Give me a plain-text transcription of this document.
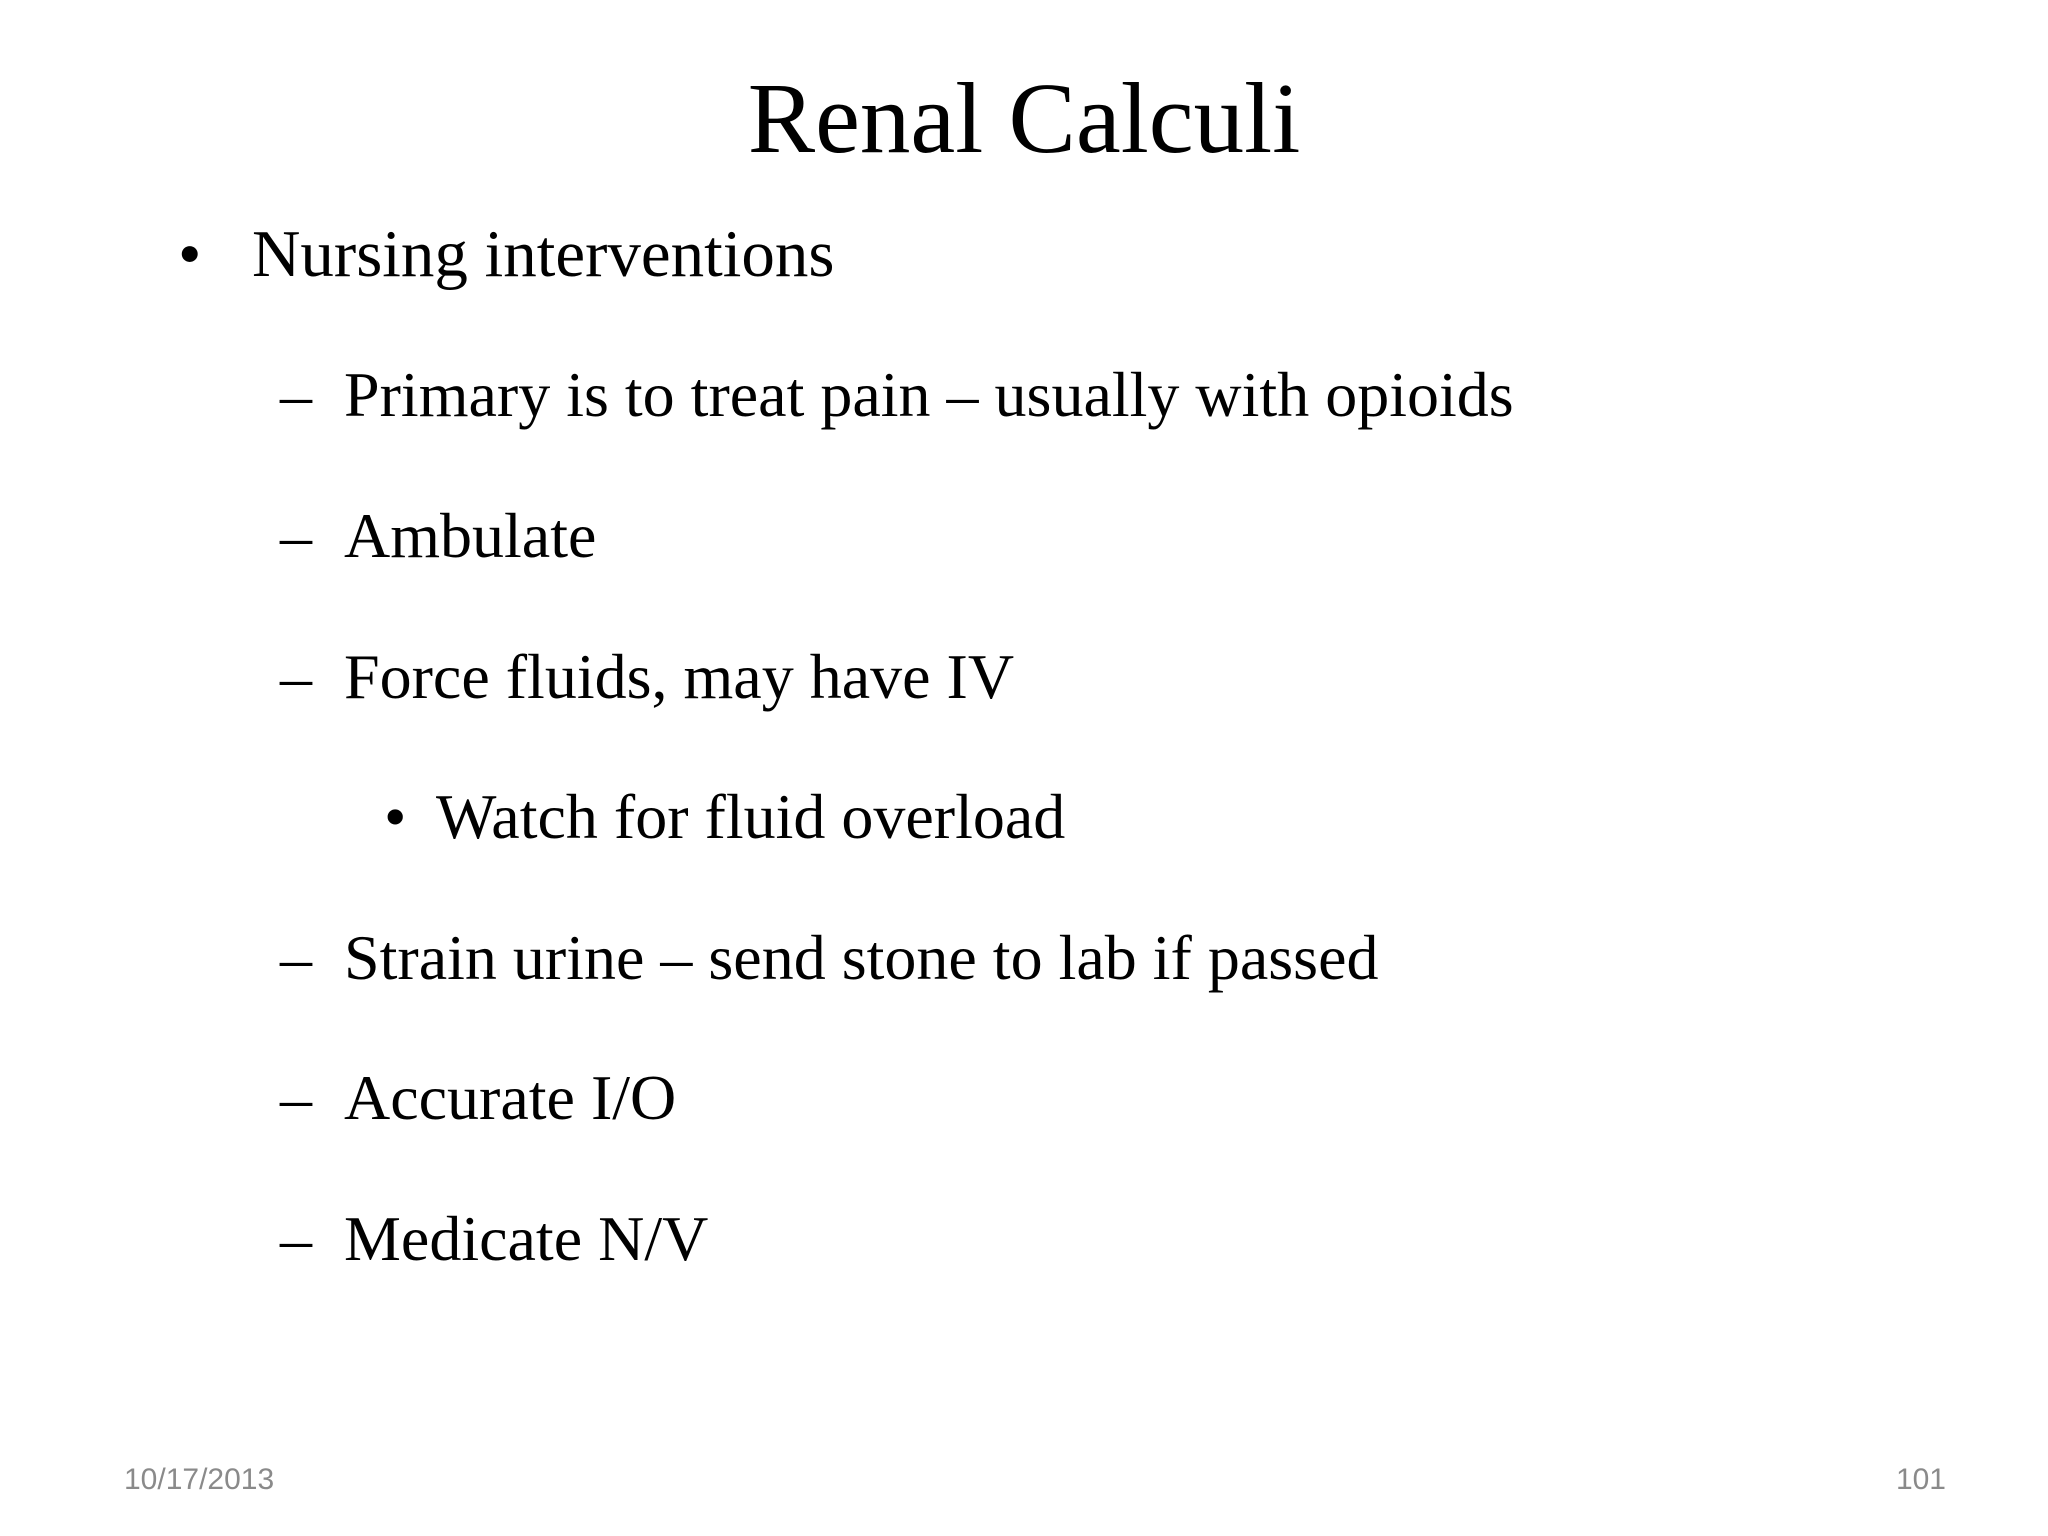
Renal Calculi
• Nursing interventions
– Primary is to treat pain – usually with opioids
– Ambulate
– Force fluids, may have IV
• Watch for fluid overload
– Strain urine – send stone to lab if passed
– Accurate I/O
– Medicate N/V
10/17/2013	101
